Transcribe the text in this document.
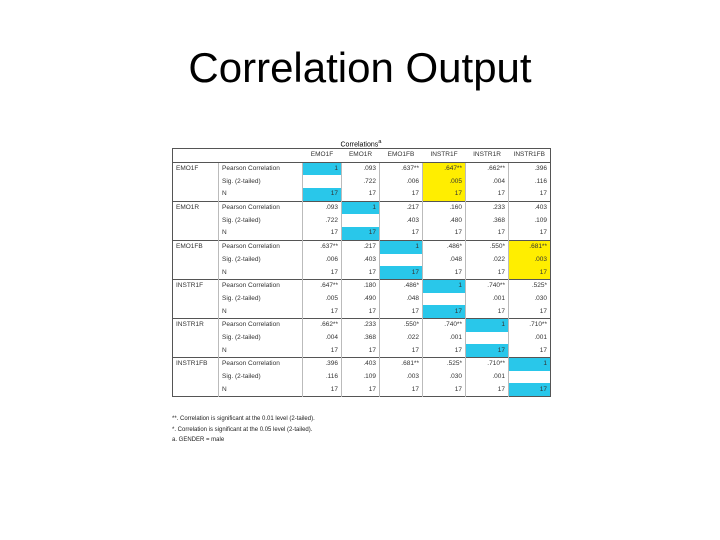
Correlation Output
Correlations$^a$
		EMO1F	EMO1R	EMO1FB	INSTR1F	INSTR1R	INSTR1FB
EMO1F	Pearson Correlation	1	.093	.637**	.647**	.662**	.396
	Sig. (2-tailed)		.722	.006	.005	.004	.116
	N	17	17	17	17	17	17
EMO1R	Pearson Correlation	.093	1	.217	.160	.233	.403
	Sig. (2-tailed)	.722		.403	.480	.368	.109
	N	17	17	17	17	17	17
EMO1FB	Pearson Correlation	.637**	.217	1	.486*	.550*	.681**
	Sig. (2-tailed)	.006	.403		.048	.022	.003
	N	17	17	17	17	17	17
INSTR1F	Pearson Correlation	.647**	.180	.486*	1	.740**	.525*
	Sig. (2-tailed)	.005	.490	.048		.001	.030
	N	17	17	17	17	17	17
INSTR1R	Pearson Correlation	.662**	.233	.550*	.740**	1	.710**
	Sig. (2-tailed)	.004	.368	.022	.001		.001
	N	17	17	17	17	17	17
INSTR1FB	Pearson Correlation	.396	.403	.681**	.525*	.710**	1
	Sig. (2-tailed)	.116	.109	.003	.030	.001	
	N	17	17	17	17	17	17
**. Correlation is significant at the 0.01 level (2-tailed).
*. Correlation is significant at the 0.05 level (2-tailed).
a. GENDER = male
